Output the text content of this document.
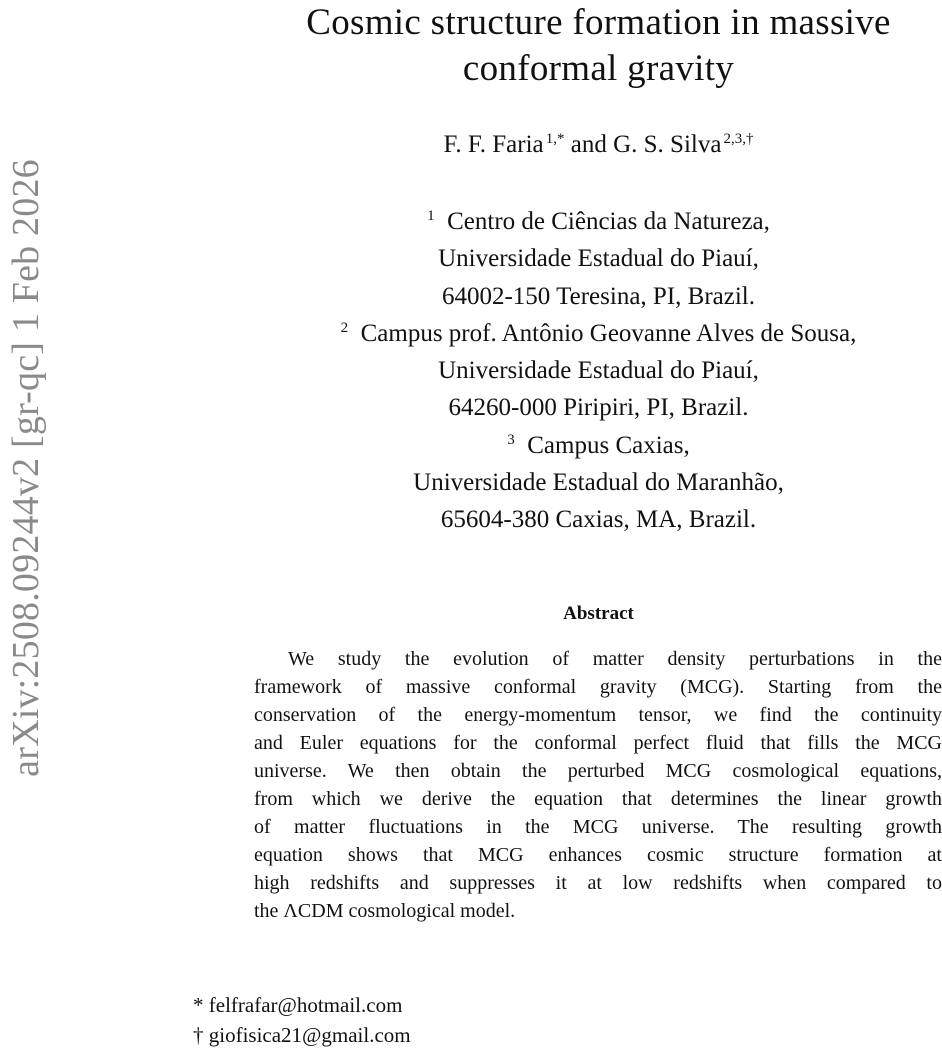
arXiv:2508.09244v2 [gr-qc] 1 Feb 2026
Cosmic structure formation in massive
conformal gravity
F. F. Faria  $^{1,*}$ and G. S. Silva  $^{2,3,\dagger}$
$^1$ Centro de Ciências da Natureza,
Universidade Estadual do Piauí,
64002-150 Teresina, PI, Brazil.
$^2$ Campus prof. Antônio Geovanne Alves de Sousa,
Universidade Estadual do Piauí,
64260-000 Piripiri, PI, Brazil.
$^3$ Campus Caxias,
Universidade Estadual do Maranhão,
65604-380 Caxias, MA, Brazil.
Abstract
We study the evolution of matter density perturbations in the
framework of massive conformal gravity (MCG). Starting from the
conservation of the energy-momentum tensor, we find the continuity
and Euler equations for the conformal perfect fluid that fills the MCG
universe. We then obtain the perturbed MCG cosmological equations,
from which we derive the equation that determines the linear growth
of matter fluctuations in the MCG universe. The resulting growth
equation shows that MCG enhances cosmic structure formation at
high redshifts and suppresses it at low redshifts when compared to
the ΛCDM cosmological model.
* felfrafar@hotmail.com
† giofisica21@gmail.com
